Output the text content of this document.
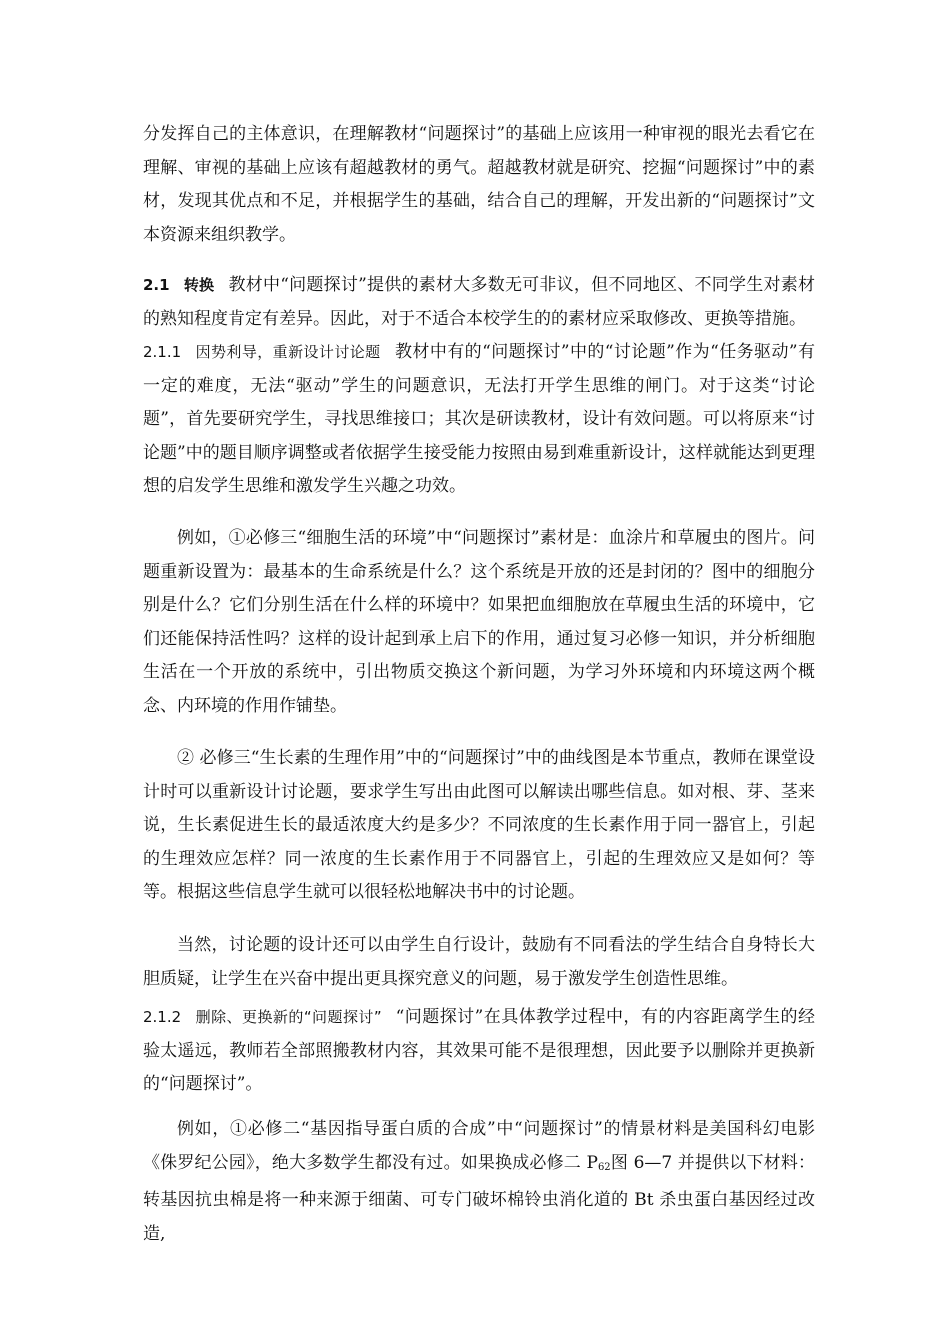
分发挥自己的主体意识，在理解教材“问题探讨”的基础上应该用一种审视的眼光去看它在理解、审视的基础上应该有超越教材的勇气。超越教材就是研究、挖掘“问题探讨”中的素材，发现其优点和不足，并根据学生的基础，结合自己的理解，开发出新的“问题探讨”文本资源来组织教学。

2.1 转换 教材中“问题探讨”提供的素材大多数无可非议，但不同地区、不同学生对素材的熟知程度肯定有差异。因此，对于不适合本校学生的的素材应采取修改、更换等措施。

2.1.1 因势利导，重新设计讨论题 教材中有的“问题探讨”中的“讨论题”作为“任务驱动”有一定的难度，无法“驱动”学生的问题意识，无法打开学生思维的闸门。对于这类“讨论题”，首先要研究学生，寻找思维接口；其次是研读教材，设计有效问题。可以将原来“讨论题”中的题目顺序调整或者依据学生接受能力按照由易到难重新设计，这样就能达到更理想的启发学生思维和激发学生兴趣之功效。

例如，①必修三“细胞生活的环境”中“问题探讨”素材是：血涂片和草履虫的图片。问题重新设置为：最基本的生命系统是什么？这个系统是开放的还是封闭的？图中的细胞分别是什么？它们分别生活在什么样的环境中？如果把血细胞放在草履虫生活的环境中，它们还能保持活性吗？这样的设计起到承上启下的作用，通过复习必修一知识，并分析细胞生活在一个开放的系统中，引出物质交换这个新问题，为学习外环境和内环境这两个概念、内环境的作用作铺垫。

② 必修三“生长素的生理作用”中的“问题探讨”中的曲线图是本节重点，教师在课堂设计时可以重新设计讨论题，要求学生写出由此图可以解读出哪些信息。如对根、芽、茎来说，生长素促进生长的最适浓度大约是多少？不同浓度的生长素作用于同一器官上，引起的生理效应怎样？同一浓度的生长素作用于不同器官上，引起的生理效应又是如何？等等。根据这些信息学生就可以很轻松地解决书中的讨论题。

当然，讨论题的设计还可以由学生自行设计，鼓励有不同看法的学生结合自身特长大胆质疑，让学生在兴奋中提出更具探究意义的问题，易于激发学生创造性思维。

2.1.2 删除、更换新的“问题探讨” “问题探讨”在具体教学过程中，有的内容距离学生的经验太遥远，教师若全部照搬教材内容，其效果可能不是很理想，因此要予以删除并更换新的“问题探讨”。

例如，①必修二“基因指导蛋白质的合成”中“问题探讨”的情景材料是美国科幻电影《侏罗纪公园》，绝大多数学生都没有过。如果换成必修二 $P_{62}$图 6—7 并提供以下材料：转基因抗虫棉是将一种来源于细菌、可专门破坏棉铃虫消化道的 Bt 杀虫蛋白基因经过改造,
